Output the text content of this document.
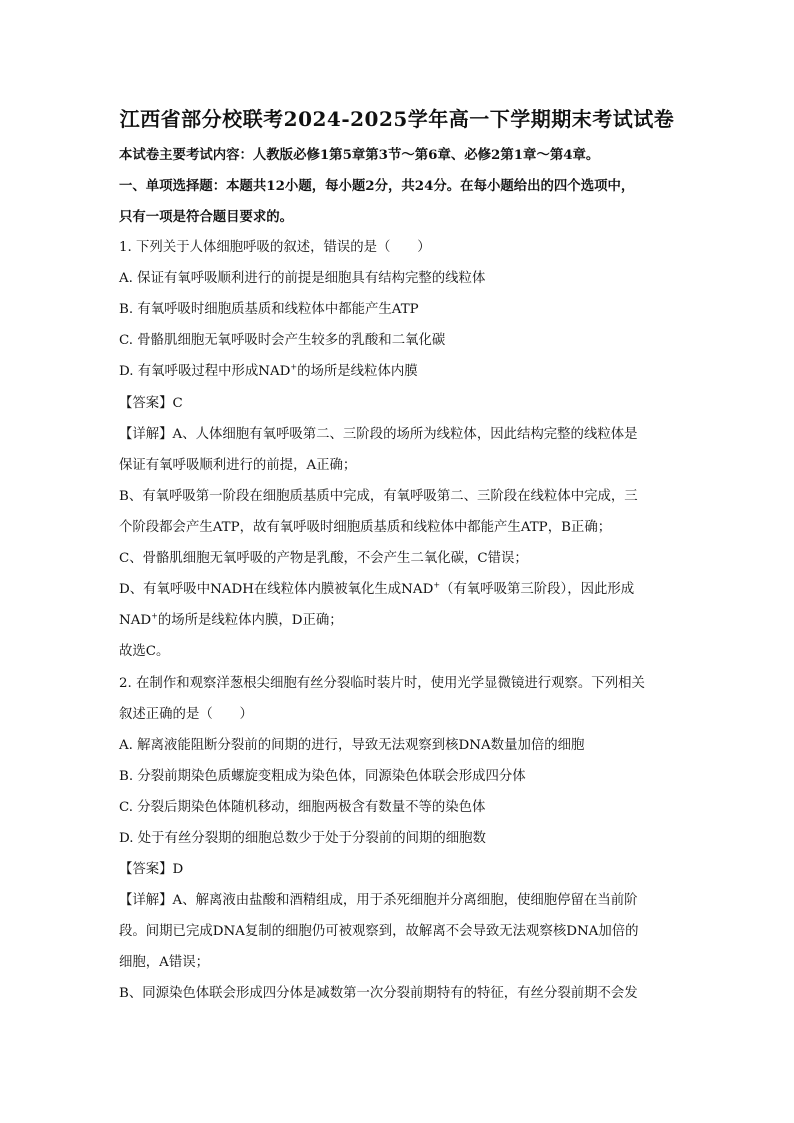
江西省部分校联考2024-2025学年高一下学期期末考试试卷
本试卷主要考试内容：人教版必修1第5章第3节～第6章、必修2第1章～第4章。
一、单项选择题：本题共12小题，每小题2分，共24分。在每小题给出的四个选项中，
只有一项是符合题目要求的。
1. 下列关于人体细胞呼吸的叙述，错误的是（　　）
A. 保证有氧呼吸顺利进行的前提是细胞具有结构完整的线粒体
B. 有氧呼吸时细胞质基质和线粒体中都能产生ATP
C. 骨骼肌细胞无氧呼吸时会产生较多的乳酸和二氧化碳
D. 有氧呼吸过程中形成NAD+的场所是线粒体内膜
【答案】C
【详解】A、人体细胞有氧呼吸第二、三阶段的场所为线粒体，因此结构完整的线粒体是
保证有氧呼吸顺利进行的前提，A正确；
B、有氧呼吸第一阶段在细胞质基质中完成，有氧呼吸第二、三阶段在线粒体中完成，三
个阶段都会产生ATP，故有氧呼吸时细胞质基质和线粒体中都能产生ATP，B正确；
C、骨骼肌细胞无氧呼吸的产物是乳酸，不会产生二氧化碳，C错误；
D、有氧呼吸中NADH在线粒体内膜被氧化生成NAD+（有氧呼吸第三阶段），因此形成
NAD+的场所是线粒体内膜，D正确；
故选C。
2. 在制作和观察洋葱根尖细胞有丝分裂临时装片时，使用光学显微镜进行观察。下列相关
叙述正确的是（　　）
A. 解离液能阻断分裂前的间期的进行，导致无法观察到核DNA数量加倍的细胞
B. 分裂前期染色质螺旋变粗成为染色体，同源染色体联会形成四分体
C. 分裂后期染色体随机移动，细胞两极含有数量不等的染色体
D. 处于有丝分裂期的细胞总数少于处于分裂前的间期的细胞数
【答案】D
【详解】A、解离液由盐酸和酒精组成，用于杀死细胞并分离细胞，使细胞停留在当前阶
段。间期已完成DNA复制的细胞仍可被观察到，故解离不会导致无法观察核DNA加倍的
细胞，A错误；
B、同源染色体联会形成四分体是减数第一次分裂前期特有的特征，有丝分裂前期不会发
